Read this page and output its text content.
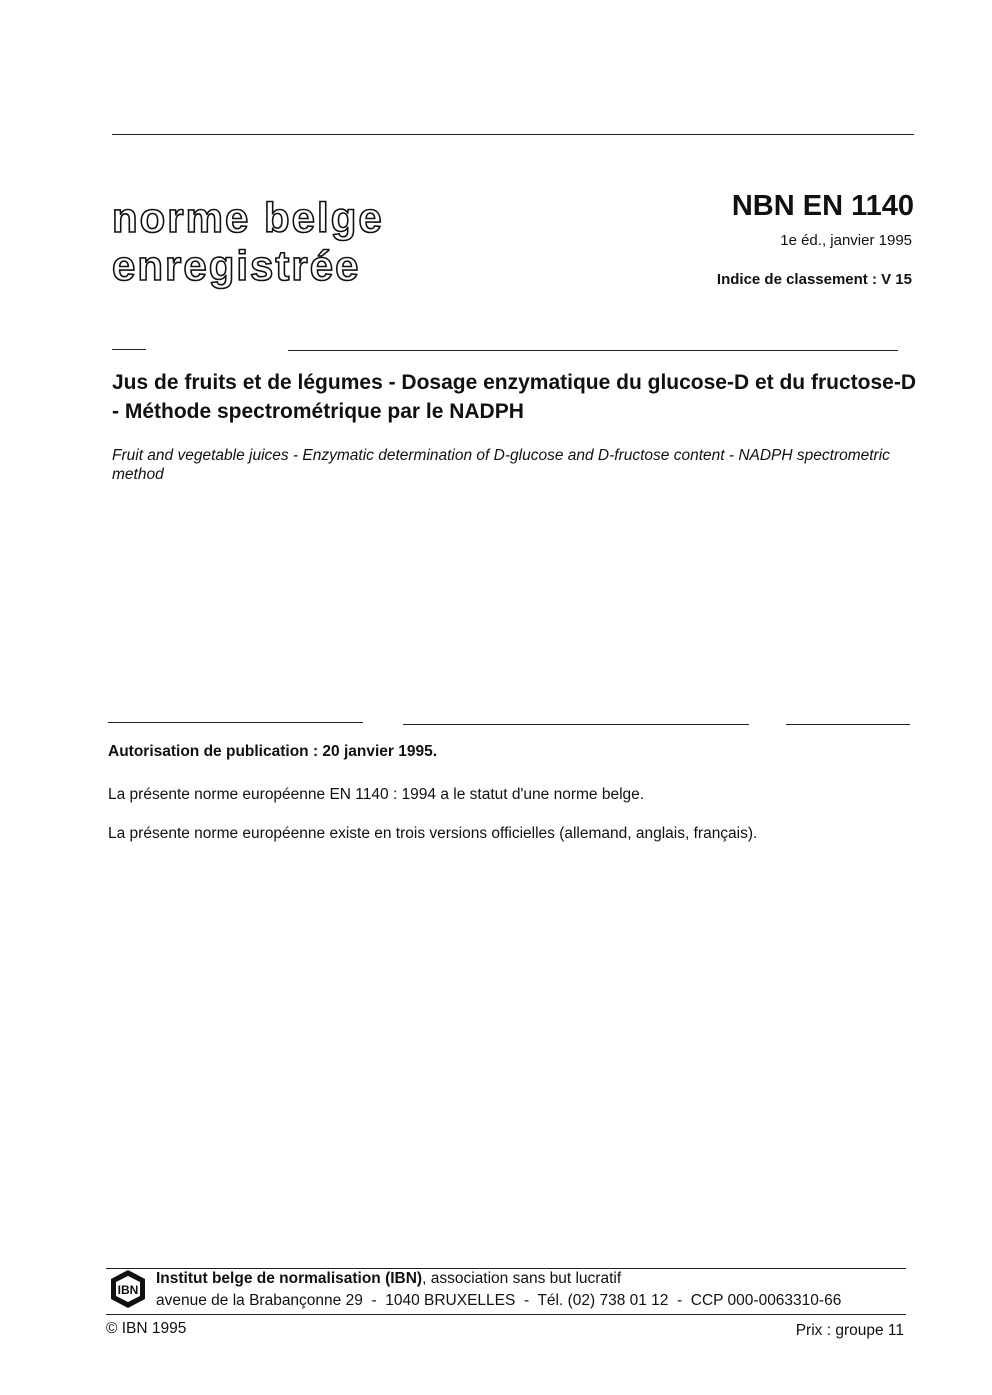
norme belge
enregistrée
NBN EN 1140
1e éd., janvier 1995
Indice de classement : V 15
Jus de fruits et de légumes - Dosage enzymatique du glucose-D et du fructose-D - Méthode spectrométrique par le NADPH
Fruit and vegetable juices - Enzymatic determination of D-glucose and D-fructose content - NADPH spectrometric method
Autorisation de publication : 20 janvier 1995.
La présente norme européenne EN 1140 : 1994 a le statut d'une norme belge.
La présente norme européenne existe en trois versions officielles (allemand, anglais, français).
IBN
Institut belge de normalisation (IBN), association sans but lucratif
avenue de la Brabançonne 29  -  1040 BRUXELLES  -  Tél. (02) 738 01 12  -  CCP 000-0063310-66
© IBN 1995	Prix : groupe 11
